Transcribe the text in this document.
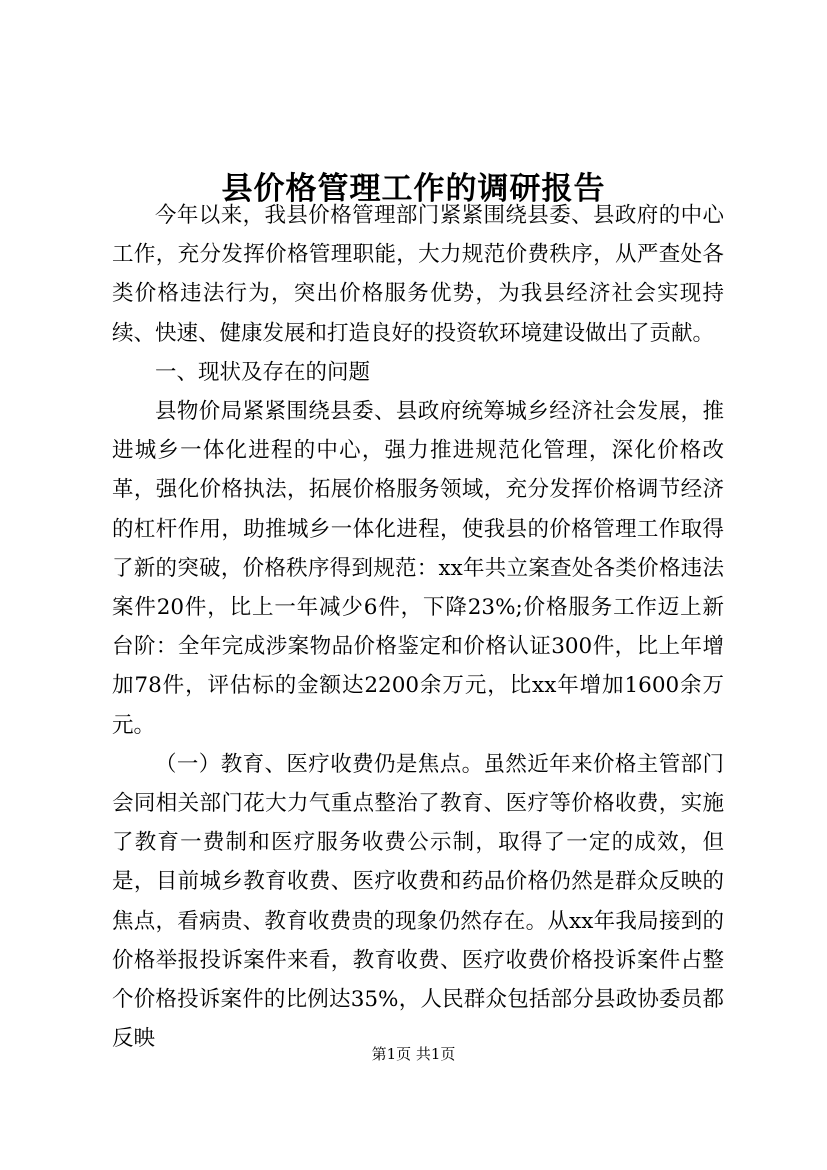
县价格管理工作的调研报告

今年以来，我县价格管理部门紧紧围绕县委、县政府的中心工作，充分发挥价格管理职能，大力规范价费秩序，从严查处各类价格违法行为，突出价格服务优势，为我县经济社会实现持续、快速、健康发展和打造良好的投资软环境建设做出了贡献。

一、现状及存在的问题

县物价局紧紧围绕县委、县政府统筹城乡经济社会发展，推进城乡一体化进程的中心，强力推进规范化管理，深化价格改革，强化价格执法，拓展价格服务领域，充分发挥价格调节经济的杠杆作用，助推城乡一体化进程，使我县的价格管理工作取得了新的突破，价格秩序得到规范：xx年共立案查处各类价格违法案件20件，比上一年减少6件，下降23%;价格服务工作迈上新台阶：全年完成涉案物品价格鉴定和价格认证300件，比上年增加78件，评估标的金额达2200余万元，比xx年增加1600余万元。

（一）教育、医疗收费仍是焦点。虽然近年来价格主管部门会同相关部门花大力气重点整治了教育、医疗等价格收费，实施了教育一费制和医疗服务收费公示制，取得了一定的成效，但是，目前城乡教育收费、医疗收费和药品价格仍然是群众反映的焦点，看病贵、教育收费贵的现象仍然存在。从xx年我局接到的价格举报投诉案件来看，教育收费、医疗收费价格投诉案件占整个价格投诉案件的比例达35%，人民群众包括部分县政协委员都反映

第1页 共1页
